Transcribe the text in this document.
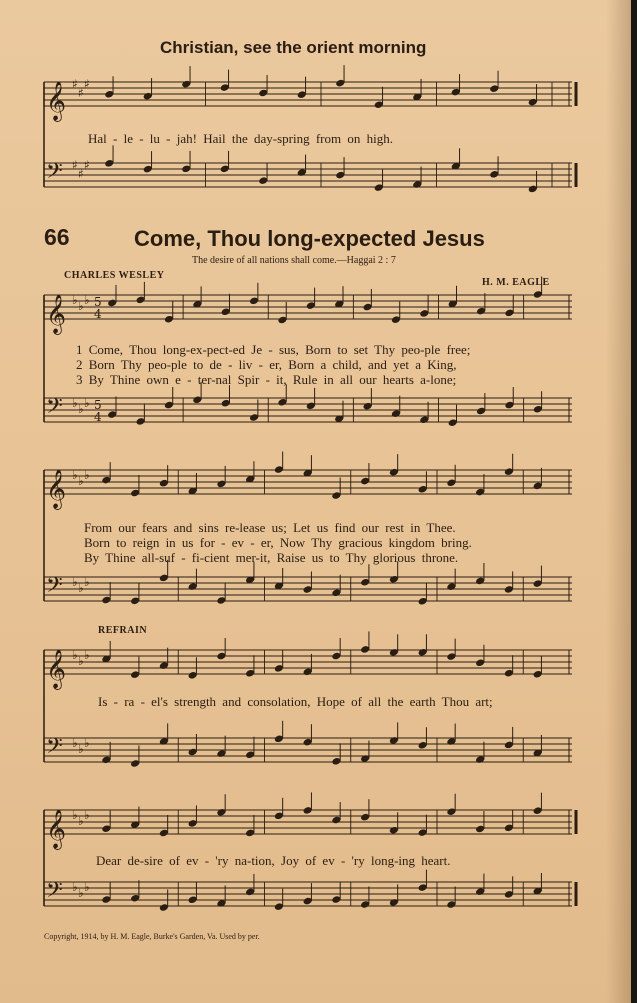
Christian, see the orient morning
Hal - le - lu - jah! Hail the day-spring from on high.
66	Come, Thou long-expected Jesus
The desire of all nations shall come.—Haggai 2 : 7
CHARLES WESLEY
H. M. EAGLE
1 Come, Thou long-ex-pect-ed Je - sus, Born to set Thy peo-ple free;
2 Born Thy peo-ple to de - liv - er, Born a child, and yet a King,
3 By Thine own e - ter-nal Spir - it, Rule in all our hearts a-lone;
From our fears and sins re-lease us; Let us find our rest in Thee.
Born to reign in us for - ev - er, Now Thy gracious kingdom bring.
By Thine all-suf - fi-cient mer-it, Raise us to Thy glorious throne.
REFRAIN
Is - ra - el's strength and consolation, Hope of all the earth Thou art;
Dear de-sire of ev - 'ry na-tion, Joy of ev - 'ry long-ing heart.
Copyright, 1914, by H. M. Eagle, Burke's Garden, Va. Used by per.
𝄞 ♯
♯
♯
𝄢 ♯
♯
♯
𝄞 ♭ ♭ ♭ 5
4
𝄢 ♭ ♭ ♭ 5
4
𝄞 ♭ ♭ ♭
𝄢 ♭ ♭ ♭
𝄞 ♭ ♭ ♭
𝄢 ♭ ♭ ♭
𝄞 ♭ ♭ ♭
𝄢 ♭ ♭ ♭
